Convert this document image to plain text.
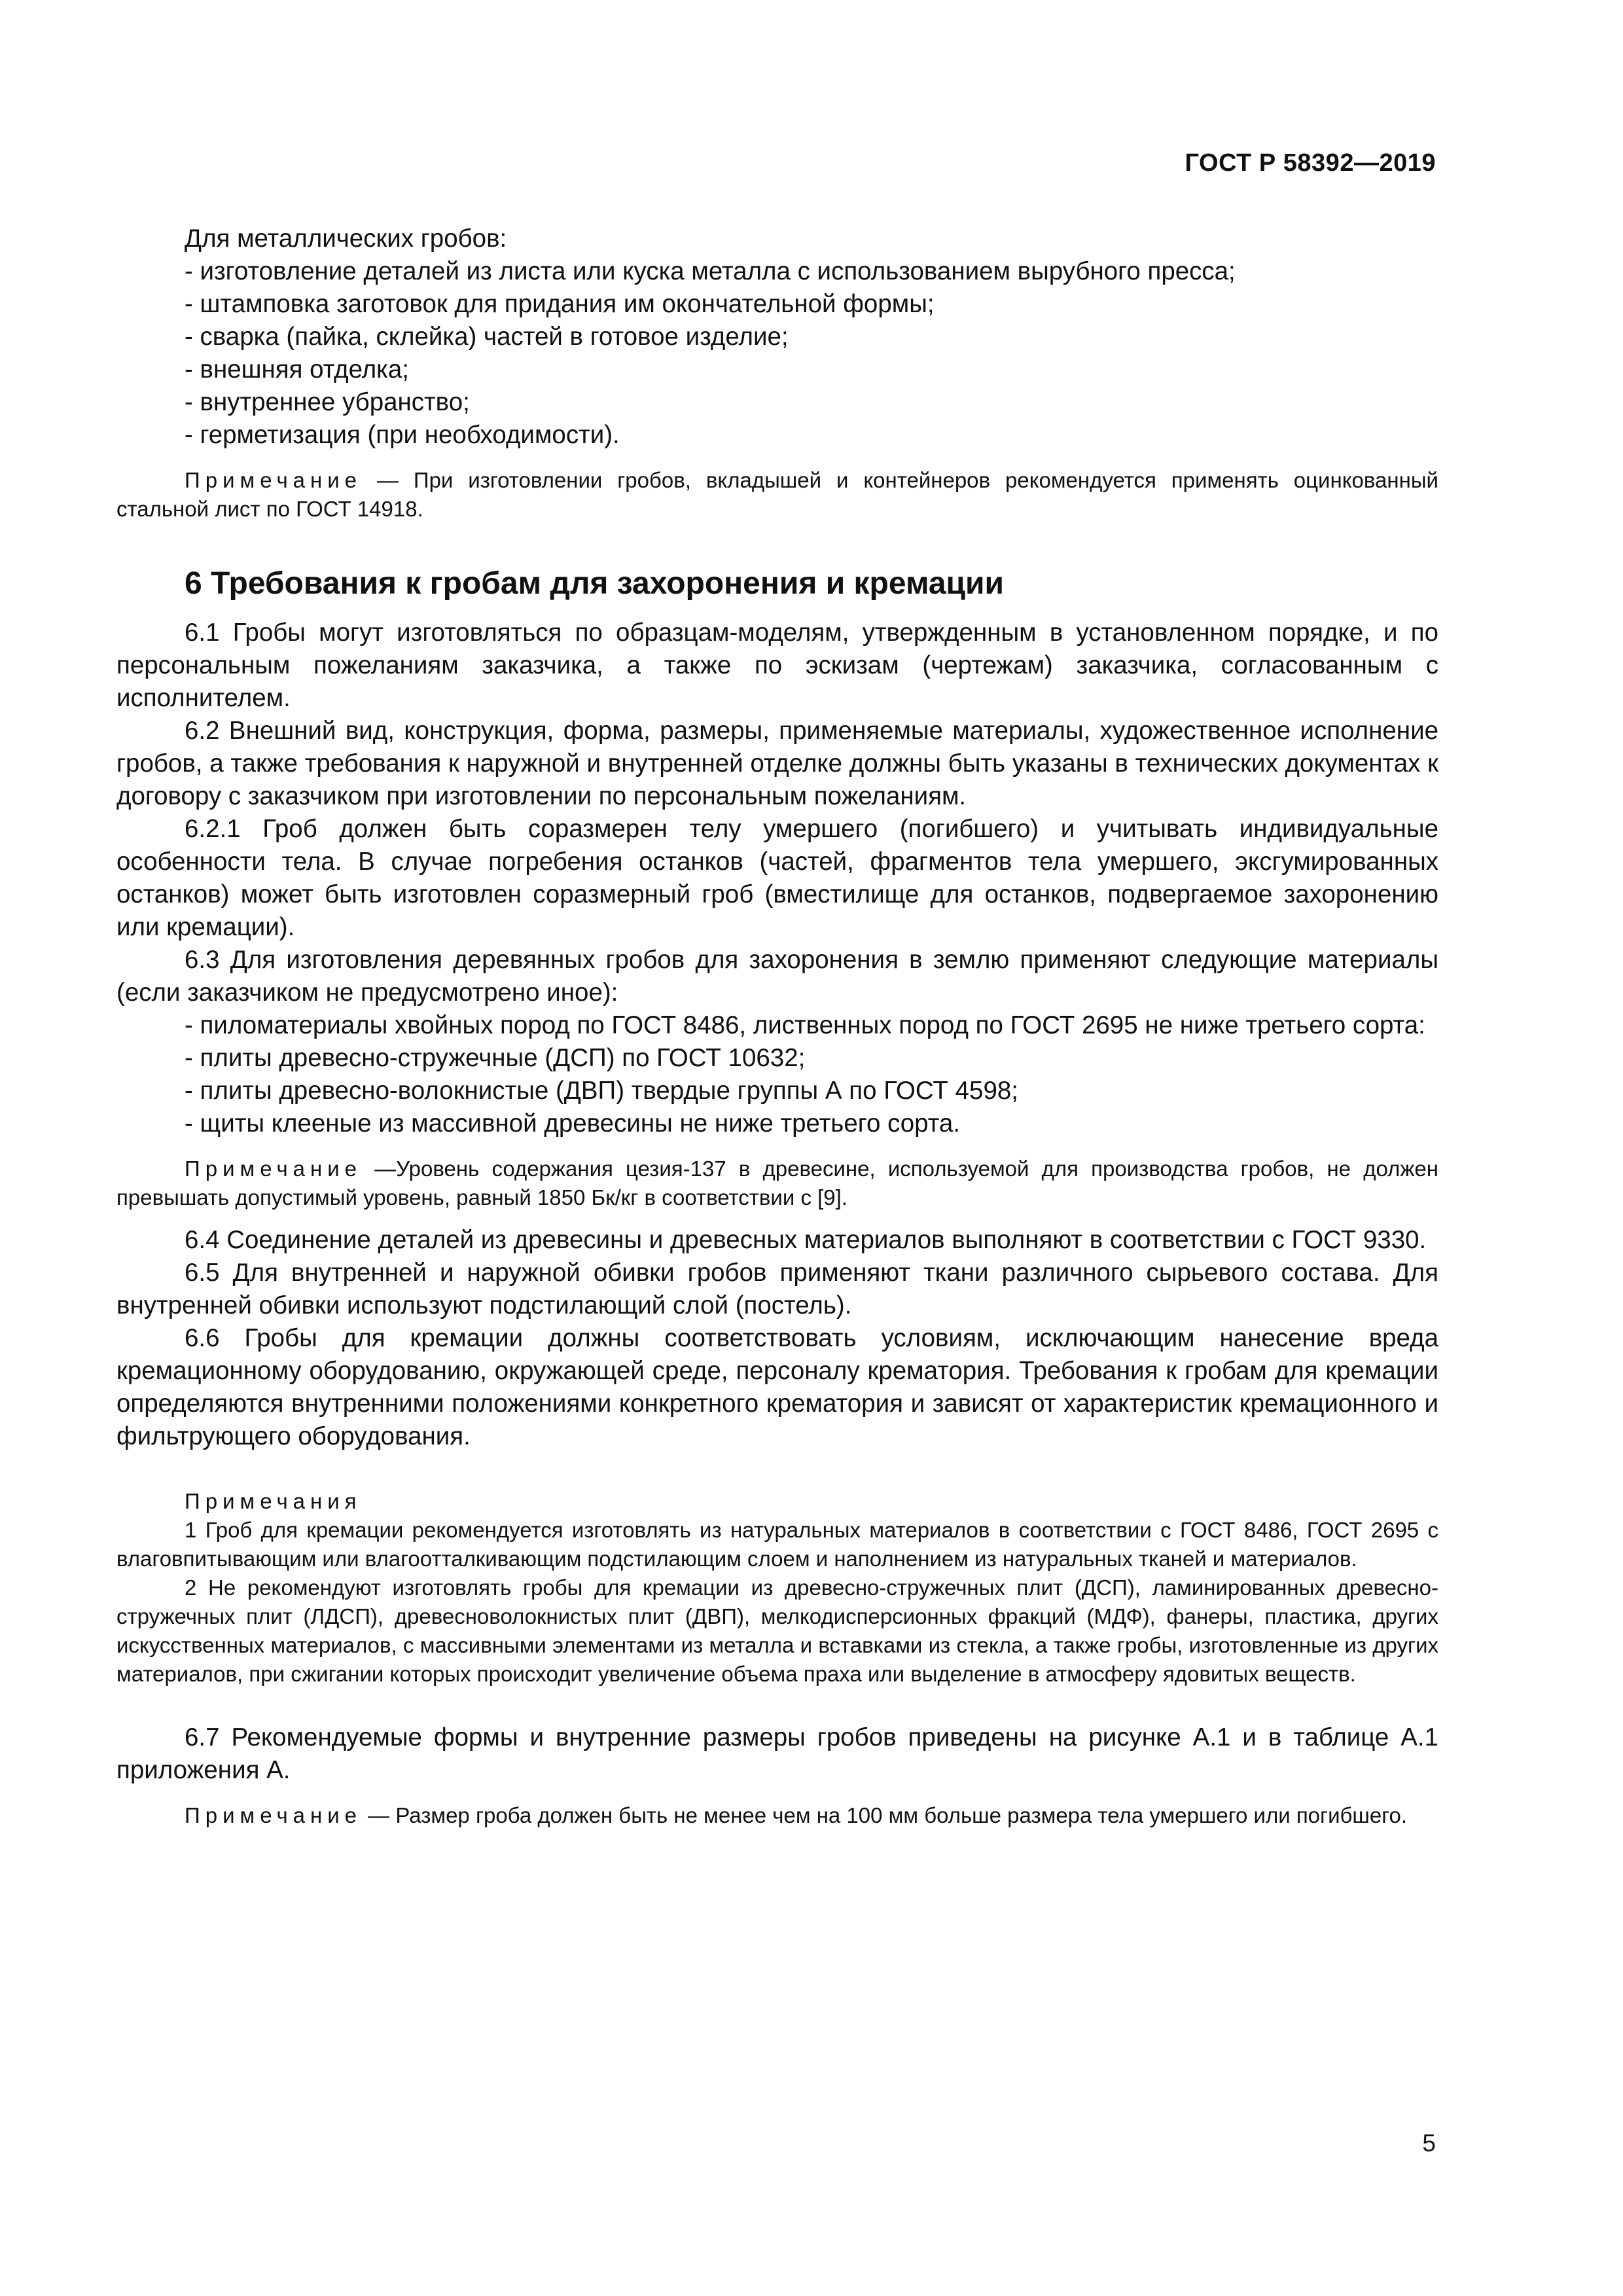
ГОСТ Р 58392—2019

Для металлических гробов:

- изготовление деталей из листа или куска металла с использованием вырубного пресса;

- штамповка заготовок для придания им окончательной формы;

- сварка (пайка, склейка) частей в готовое изделие;

- внешняя отделка;

- внутреннее убранство;

- герметизация (при необходимости).

Примечание — При изготовлении гробов, вкладышей и контейнеров рекомендуется применять оцинкованный стальной лист по ГОСТ 14918.

6 Требования к гробам для захоронения и кремации

6.1 Гробы могут изготовляться по образцам-моделям, утвержденным в установленном порядке, и по персональным пожеланиям заказчика, а также по эскизам (чертежам) заказчика, согласованным с исполнителем.

6.2 Внешний вид, конструкция, форма, размеры, применяемые материалы, художественное исполнение гробов, а также требования к наружной и внутренней отделке должны быть указаны в технических документах к договору с заказчиком при изготовлении по персональным пожеланиям.

6.2.1 Гроб должен быть соразмерен телу умершего (погибшего) и учитывать индивидуальные особенности тела. В случае погребения останков (частей, фрагментов тела умершего, эксгумированных останков) может быть изготовлен соразмерный гроб (вместилище для останков, подвергаемое захоронению или кремации).

6.3 Для изготовления деревянных гробов для захоронения в землю применяют следующие материалы (если заказчиком не предусмотрено иное):

- пиломатериалы хвойных пород по ГОСТ 8486, лиственных пород по ГОСТ 2695 не ниже третьего сорта:

- плиты древесно-стружечные (ДСП) по ГОСТ 10632;

- плиты древесно-волокнистые (ДВП) твердые группы А по ГОСТ 4598;

- щиты клееные из массивной древесины не ниже третьего сорта.

Примечание —Уровень содержания цезия-137 в древесине, используемой для производства гробов, не должен превышать допустимый уровень, равный 1850 Бк/кг в соответствии с [9].

6.4 Соединение деталей из древесины и древесных материалов выполняют в соответствии с ГОСТ 9330.

6.5 Для внутренней и наружной обивки гробов применяют ткани различного сырьевого состава. Для внутренней обивки используют подстилающий слой (постель).

6.6 Гробы для кремации должны соответствовать условиям, исключающим нанесение вреда кремационному оборудованию, окружающей среде, персоналу крематория. Требования к гробам для кремации определяются внутренними положениями конкретного крематория и зависят от характеристик кремационного и фильтрующего оборудования.

Примечания

1 Гроб для кремации рекомендуется изготовлять из натуральных материалов в соответствии с ГОСТ 8486, ГОСТ 2695 с влаговпитывающим или влагоотталкивающим подстилающим слоем и наполнением из натуральных тканей и материалов.

2 Не рекомендуют изготовлять гробы для кремации из древесно-стружечных плит (ДСП), ламинированных древесно-стружечных плит (ЛДСП), древесноволокнистых плит (ДВП), мелкодисперсионных фракций (МДФ), фанеры, пластика, других искусственных материалов, с массивными элементами из металла и вставками из стекла, а также гробы, изготовленные из других материалов, при сжигании которых происходит увеличение объема праха или выделение в атмосферу ядовитых веществ.

6.7 Рекомендуемые формы и внутренние размеры гробов приведены на рисунке А.1 и в таблице А.1 приложения А.

Примечание — Размер гроба должен быть не менее чем на 100 мм больше размера тела умершего или погибшего.

5
